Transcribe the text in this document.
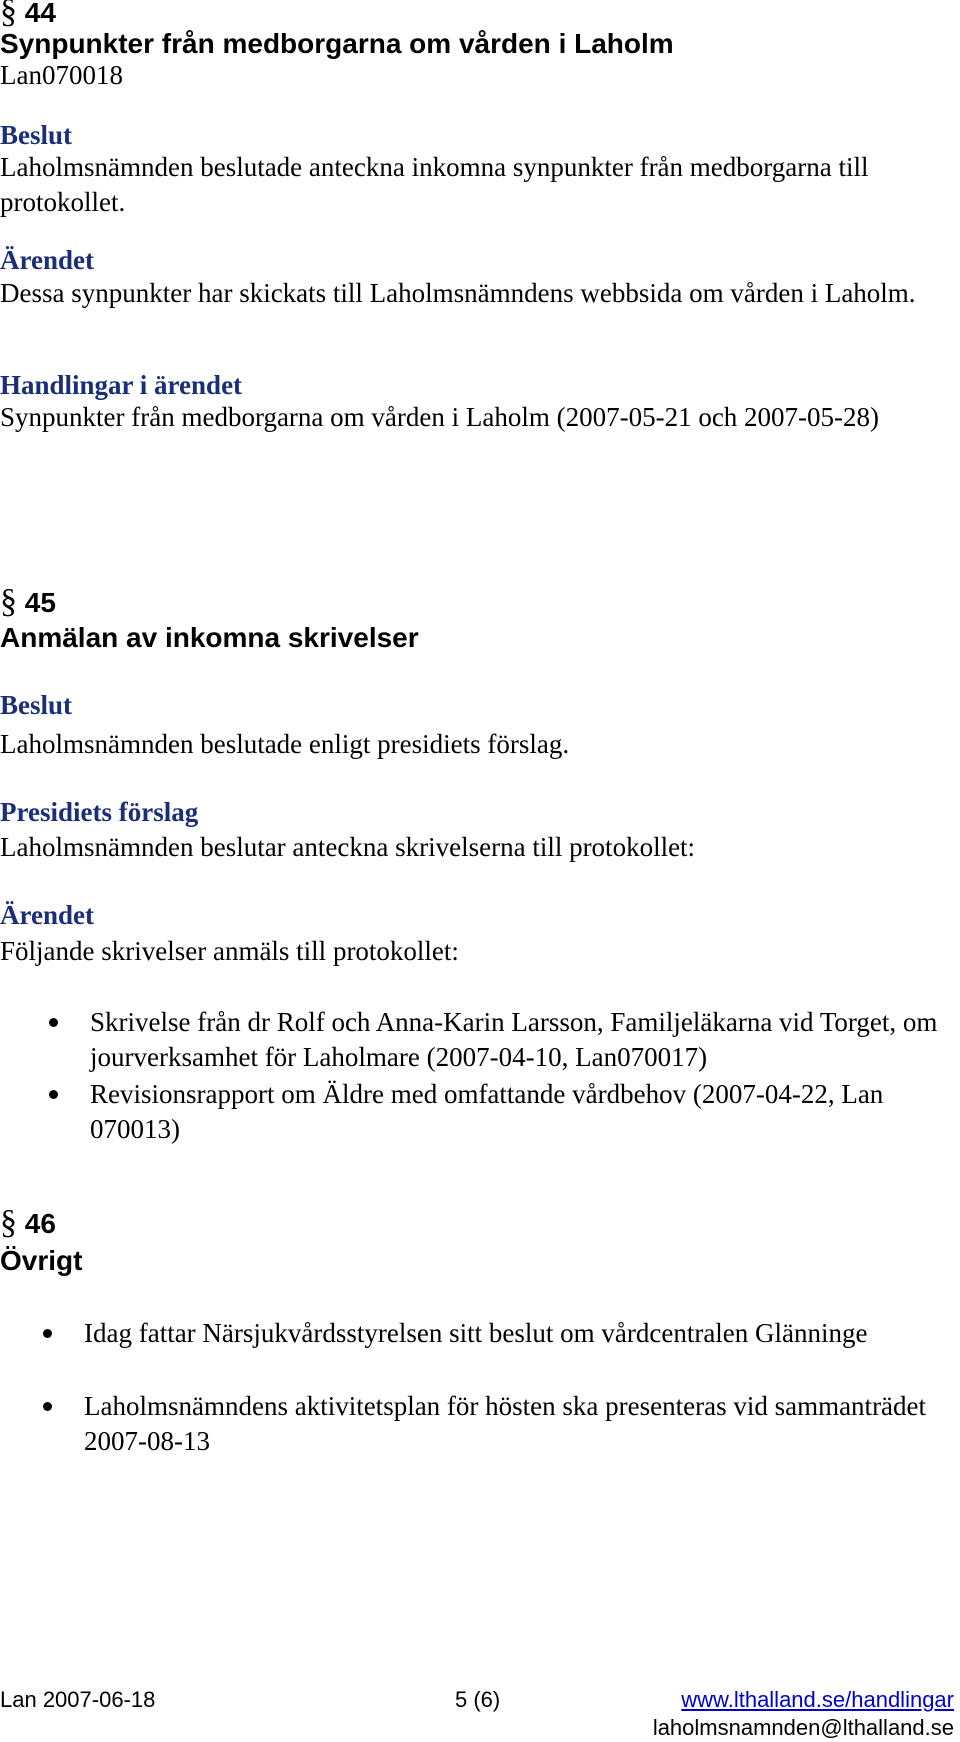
§ 44
Synpunkter från medborgarna om vården i Laholm
Lan070018
Beslut
Laholmsnämnden beslutade anteckna inkomna synpunkter från medborgarna till protokollet.
Ärendet
Dessa synpunkter har skickats till Laholmsnämndens webbsida om vården i Laholm.
Handlingar i ärendet
Synpunkter från medborgarna om vården i Laholm (2007-05-21 och 2007-05-28)
§ 45
Anmälan av inkomna skrivelser
Beslut
Laholmsnämnden beslutade enligt presidiets förslag.
Presidiets förslag
Laholmsnämnden beslutar anteckna skrivelserna till protokollet:
Ärendet
Följande skrivelser anmäls till protokollet:
Skrivelse från dr Rolf och Anna-Karin Larsson, Familjeläkarna vid Torget, om jourverksamhet för Laholmare (2007-04-10, Lan070017)
Revisionsrapport om Äldre med omfattande vårdbehov (2007-04-22, Lan 070013)
§ 46
Övrigt
Idag fattar Närsjukvårdsstyrelsen sitt beslut om vårdcentralen Glänninge
Laholmsnämndens aktivitetsplan för hösten ska presenteras vid sammanträdet 2007-08-13
Lan 2007-06-18	5 (6)	www.lthalland.se/handlingar
laholmsnamnden@lthalland.se
